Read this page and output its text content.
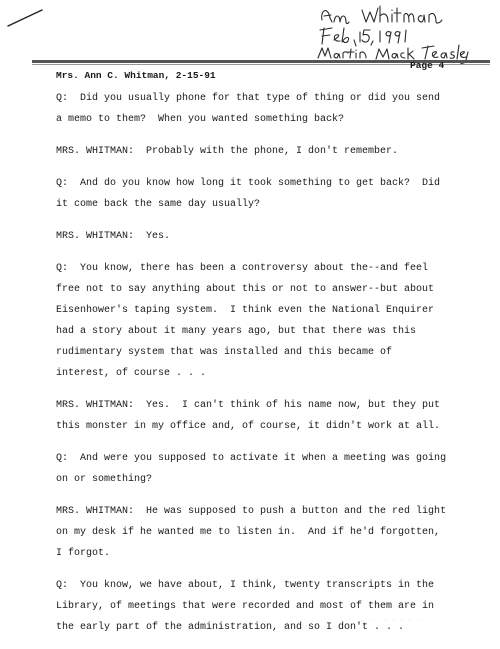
Mrs. Ann C. Whitman, 2-15-91
Page 4
Q:  Did you usually phone for that type of thing or did you send
a memo to them?  When you wanted something back?
MRS. WHITMAN:  Probably with the phone, I don't remember.
Q:  And do you know how long it took something to get back?  Did
it come back the same day usually?
MRS. WHITMAN:  Yes.
Q:  You know, there has been a controversy about the--and feel
free not to say anything about this or not to answer--but about
Eisenhower's taping system.  I think even the National Enquirer
had a story about it many years ago, but that there was this
rudimentary system that was installed and this became of
interest, of course . . .
MRS. WHITMAN:  Yes.  I can't think of his name now, but they put
this monster in my office and, of course, it didn't work at all.
Q:  And were you supposed to activate it when a meeting was going
on or something?
MRS. WHITMAN:  He was supposed to push a button and the red light
on my desk if he wanted me to listen in.  And if he'd forgotten,
I forgot.
Q:  You know, we have about, I think, twenty transcripts in the
Library, of meetings that were recorded and most of them are in
the early part of the administration, and so I don't . . .
· ·  ·  ·  · · · ·  ·
